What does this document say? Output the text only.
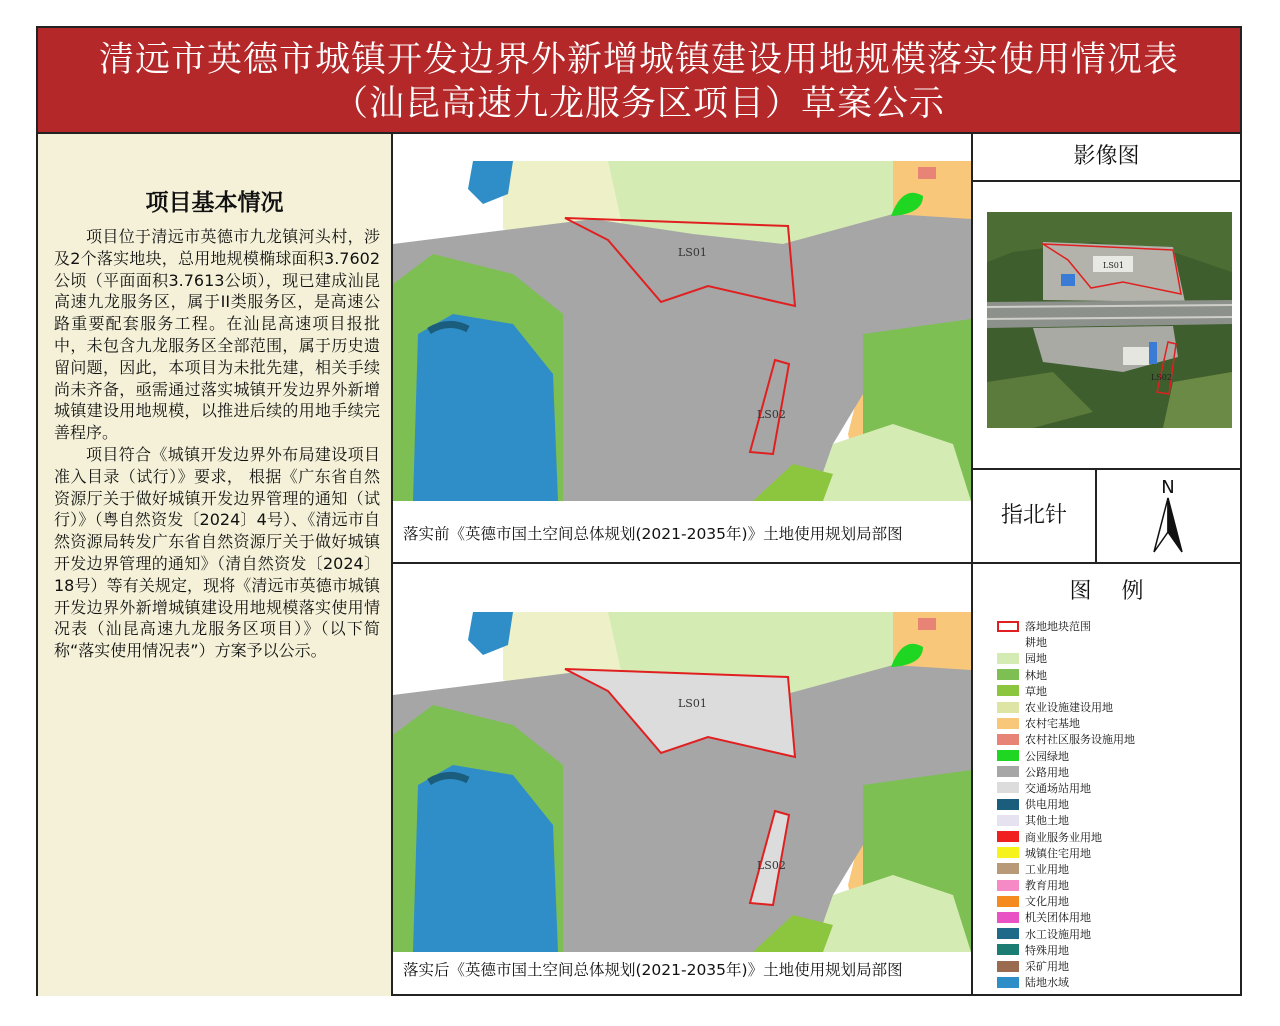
清远市英德市城镇开发边界外新增城镇建设用地规模落实使用情况表
（汕昆高速九龙服务区项目）草案公示
项目基本情况

项目位于清远市英德市九龙镇河头村，涉及2个落实地块，总用地规模椭球面积3.7602公顷（平面面积3.7613公顷），现已建成汕昆高速九龙服务区，属于II类服务区，是高速公路重要配套服务工程。在汕昆高速项目报批中，未包含九龙服务区全部范围，属于历史遗留问题，因此，本项目为未批先建，相关手续尚未齐备，亟需通过落实城镇开发边界外新增城镇建设用地规模，以推进后续的用地手续完善程序。

项目符合《城镇开发边界外布局建设项目准入目录（试行）》要求， 根据《广东省自然资源厅关于做好城镇开发边界管理的通知（试行）》（粤自然资发〔2024〕4号）、《清远市自然资源局转发广东省自然资源厅关于做好城镇开发边界管理的通知》（清自然资发〔2024〕18号）等有关规定，现将《清远市英德市城镇开发边界外新增城镇建设用地规模落实使用情况表（汕昆高速九龙服务区项目）》（以下简称“落实使用情况表”）方案予以公示。

LS01
LS02
落实前《英德市国土空间总体规划(2021-2035年)》土地使用规划局部图
LS01
LS02
落实后《英德市国土空间总体规划(2021-2035年)》土地使用规划局部图
影像图
LS01
LS02
指北针
N
图例
落地地块范围
耕地
园地
林地
草地
农业设施建设用地
农村宅基地
农村社区服务设施用地
公园绿地
公路用地
交通场站用地
供电用地
其他土地
商业服务业用地
城镇住宅用地
工业用地
教育用地
文化用地
机关团体用地
水工设施用地
特殊用地
采矿用地
陆地水域
